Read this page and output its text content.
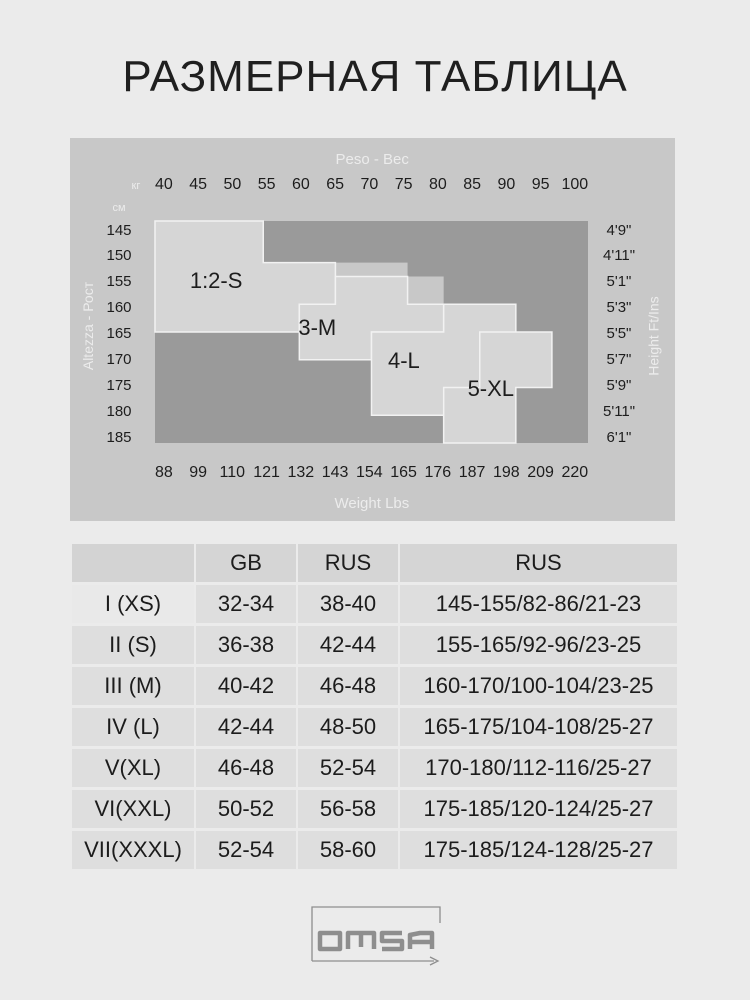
РАЗМЕРНАЯ ТАБЛИЦА
	GB	RUS	RUS
I (XS)	32-34	38-40	145-155/82-86/21-23
II (S)	36-38	42-44	155-165/92-96/23-25
III (M)	40-42	46-48	160-170/100-104/23-25
IV (L)	42-44	48-50	165-175/104-108/25-27
V(XL)	46-48	52-54	170-180/112-116/25-27
VI(XXL)	50-52	56-58	175-185/120-124/25-27
VII(XXXL)	52-54	58-60	175-185/124-128/25-27
1:2-S
3-M
4-L
5-XL
Peso - Вес
кг 40 45 50 55 60 65 70 75 80 85 90 95 100
см
145
150
155
160
165
170
175
180
185
4'9"
4'11"
5'1"
5'3"
5'5"
5'7"
5'9"
5'11"
6'1"
88 99 110 121 132 143 154 165 176 187 198 209 220
Weight Lbs
Altezza - Рост	Height Ft/Ins
